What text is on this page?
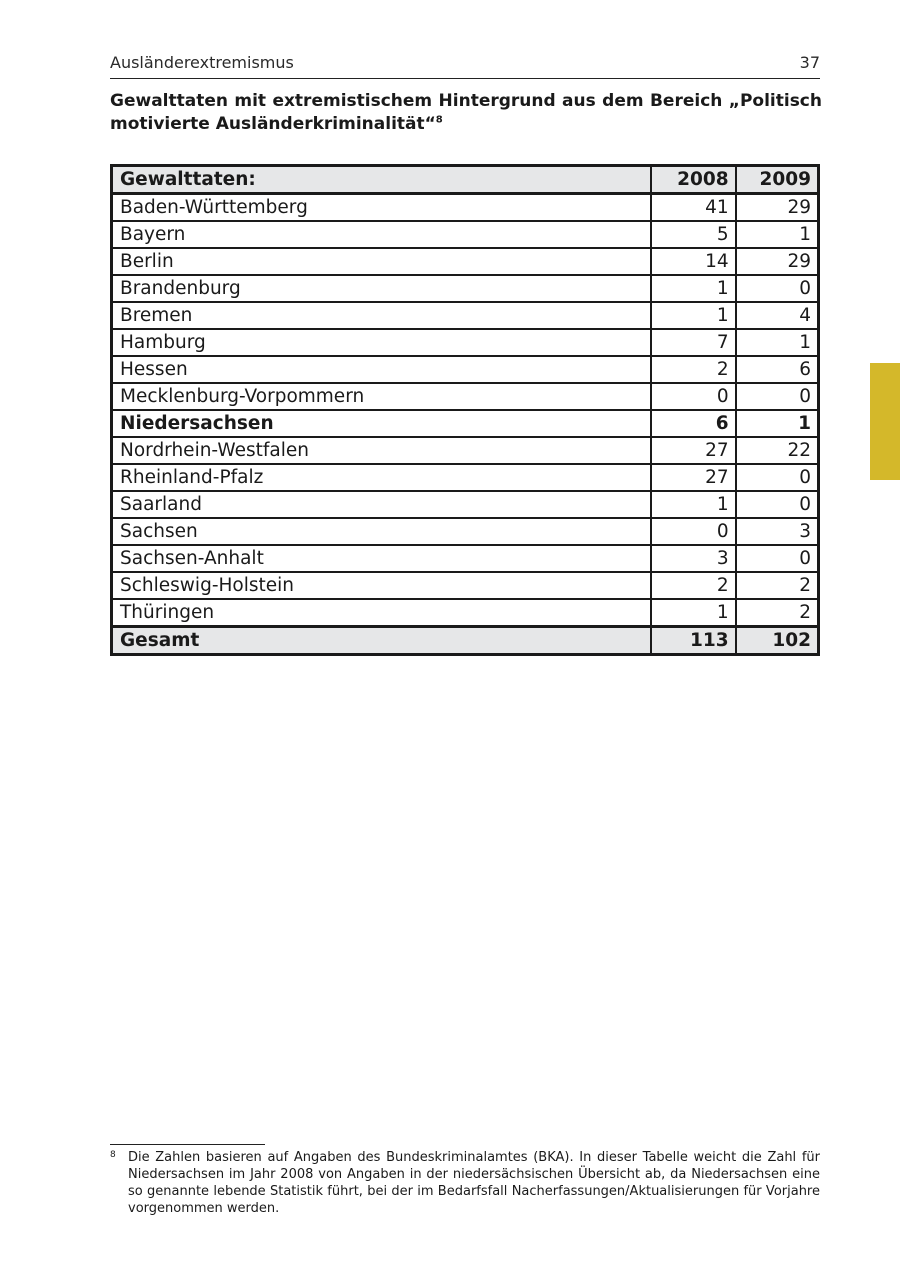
Ausländerextremismus	37
Gewalttaten mit extremistischem Hintergrund aus dem Bereich „Politisch motivierte Ausländerkriminalität“$^8$
Gewalttaten:	2008	2009
Baden-Württemberg	41	29
Bayern	5	1
Berlin	14	29
Brandenburg	1	0
Bremen	1	4
Hamburg	7	1
Hessen	2	6
Mecklenburg-Vorpommern	0	0
Niedersachsen	6	1
Nordrhein-Westfalen	27	22
Rheinland-Pfalz	27	0
Saarland	1	0
Sachsen	0	3
Sachsen-Anhalt	3	0
Schleswig-Holstein	2	2
Thüringen	1	2
Gesamt	113	102
8 Die Zahlen basieren auf Angaben des Bundeskriminalamtes (BKA). In dieser Tabelle weicht die Zahl für Niedersachsen im Jahr 2008 von Angaben in der niedersächsischen Übersicht ab, da Niedersachsen eine so genannte lebende Statistik führt, bei der im Bedarfsfall Nacherfassungen/Aktualisierungen für Vorjahre vorgenommen werden.
